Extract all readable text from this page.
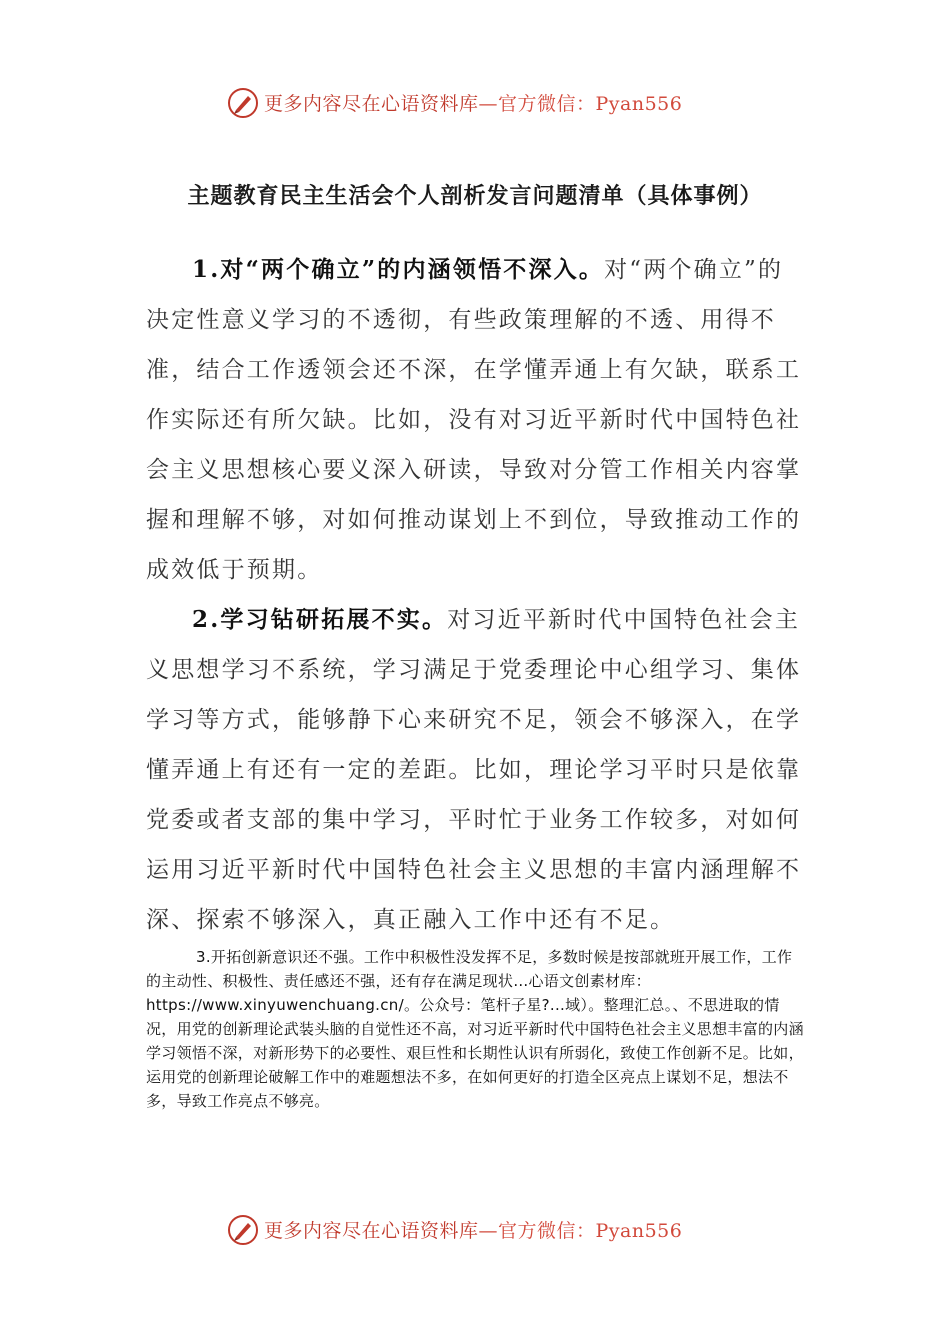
更多内容尽在心语资料库—官方微信：Pyan556
主题教育民主生活会个人剖析发言问题清单（具体事例）

1.对“两个确立”的内涵领悟不深入。对“两个确立”的决定性意义学习的不透彻，有些政策理解的不透、用得不准，结合工作透领会还不深，在学懂弄通上有欠缺，联系工作实际还有所欠缺。比如，没有对习近平新时代中国特色社会主义思想核心要义深入研读，导致对分管工作相关内容掌握和理解不够，对如何推动谋划上不到位，导致推动工作的成效低于预期。

2.学习钻研拓展不实。对习近平新时代中国特色社会主义思想学习不系统，学习满足于党委理论中心组学习、集体学习等方式，能够静下心来研究不足，领会不够深入，在学懂弄通上有还有一定的差距。比如，理论学习平时只是依靠党委或者支部的集中学习，平时忙于业务工作较多，对如何运用习近平新时代中国特色社会主义思想的丰富内涵理解不深、探索不够深入，真正融入工作中还有不足。

3.开拓创新意识还不强。工作中积极性没发挥不足，多数时候是按部就班开展工作，工作的主动性、积极性、责任感还不强，还有存在满足现状…心语文创素材库：https://www.xinyuwenchuang.cn/。公众号：笔杆子星?...域）。整理汇总。、不思进取的情况，用党的创新理论武装头脑的自觉性还不高，对习近平新时代中国特色社会主义思想丰富的内涵学习领悟不深，对新形势下的必要性、艰巨性和长期性认识有所弱化，致使工作创新不足。比如，运用党的创新理论破解工作中的难题想法不多，在如何更好的打造全区亮点上谋划不足，想法不多，导致工作亮点不够亮。

更多内容尽在心语资料库—官方微信：Pyan556
